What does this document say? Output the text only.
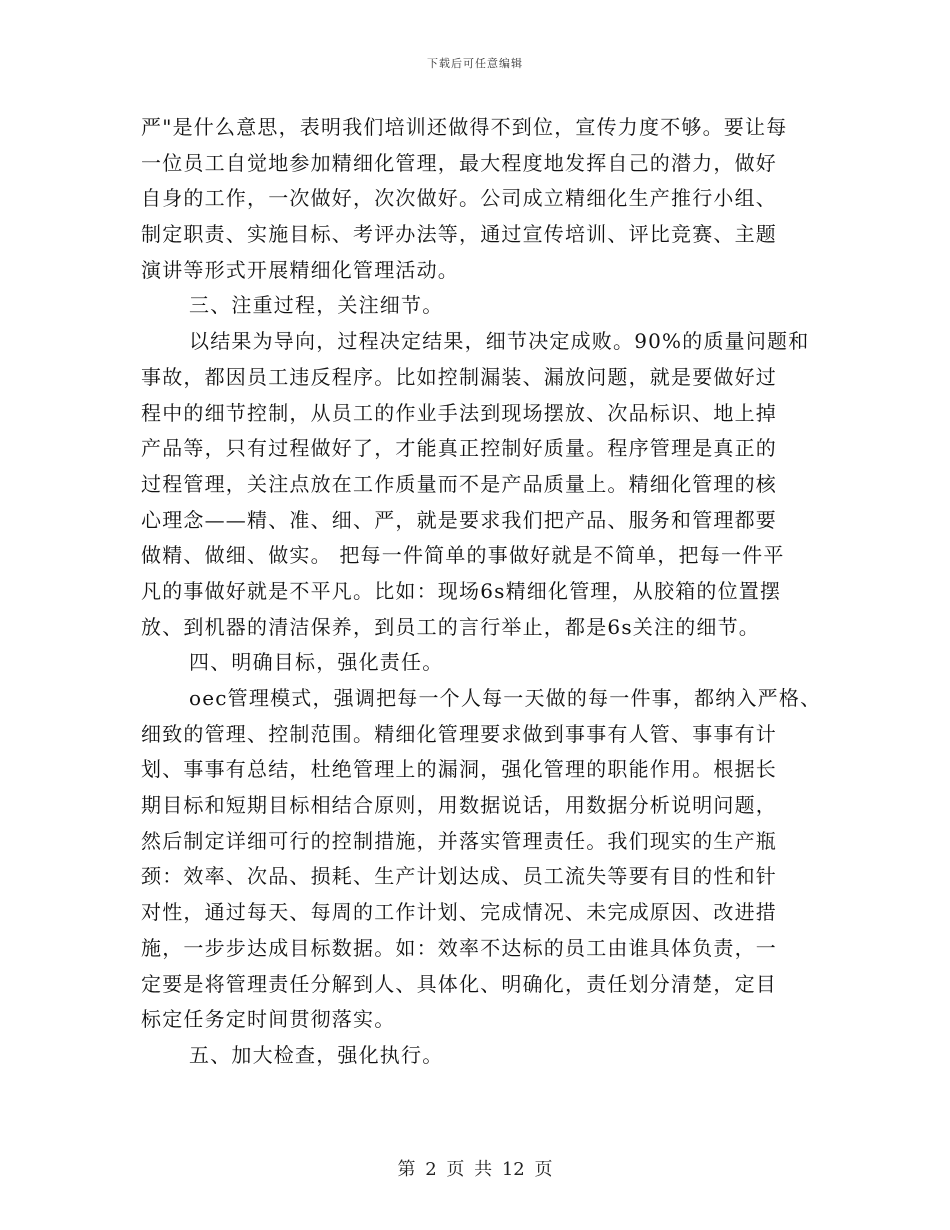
下载后可任意编辑
严"是什么意思，表明我们培训还做得不到位，宣传力度不够。要让每
一位员工自觉地参加精细化管理，最大程度地发挥自己的潜力，做好
自身的工作，一次做好，次次做好。公司成立精细化生产推行小组、
制定职责、实施目标、考评办法等，通过宣传培训、评比竞赛、主题
演讲等形式开展精细化管理活动。
三、注重过程，关注细节。
以结果为导向，过程决定结果，细节决定成败。90%的质量问题和
事故，都因员工违反程序。比如控制漏装、漏放问题，就是要做好过
程中的细节控制，从员工的作业手法到现场摆放、次品标识、地上掉
产品等，只有过程做好了，才能真正控制好质量。程序管理是真正的
过程管理，关注点放在工作质量而不是产品质量上。精细化管理的核
心理念——精、准、细、严，就是要求我们把产品、服务和管理都要
做精、做细、做实。 把每一件简单的事做好就是不简单，把每一件平
凡的事做好就是不平凡。比如：现场6s精细化管理，从胶箱的位置摆
放、到机器的清洁保养，到员工的言行举止，都是6s关注的细节。
四、明确目标，强化责任。
oec管理模式，强调把每一个人每一天做的每一件事，都纳入严格、
细致的管理、控制范围。精细化管理要求做到事事有人管、事事有计
划、事事有总结，杜绝管理上的漏洞，强化管理的职能作用。根据长
期目标和短期目标相结合原则，用数据说话，用数据分析说明问题，
然后制定详细可行的控制措施，并落实管理责任。我们现实的生产瓶
颈：效率、次品、损耗、生产计划达成、员工流失等要有目的性和针
对性，通过每天、每周的工作计划、完成情况、未完成原因、改进措
施，一步步达成目标数据。如：效率不达标的员工由谁具体负责，一
定要是将管理责任分解到人、具体化、明确化，责任划分清楚，定目
标定任务定时间贯彻落实。
五、加大检查，强化执行。
第 2 页 共 12 页
